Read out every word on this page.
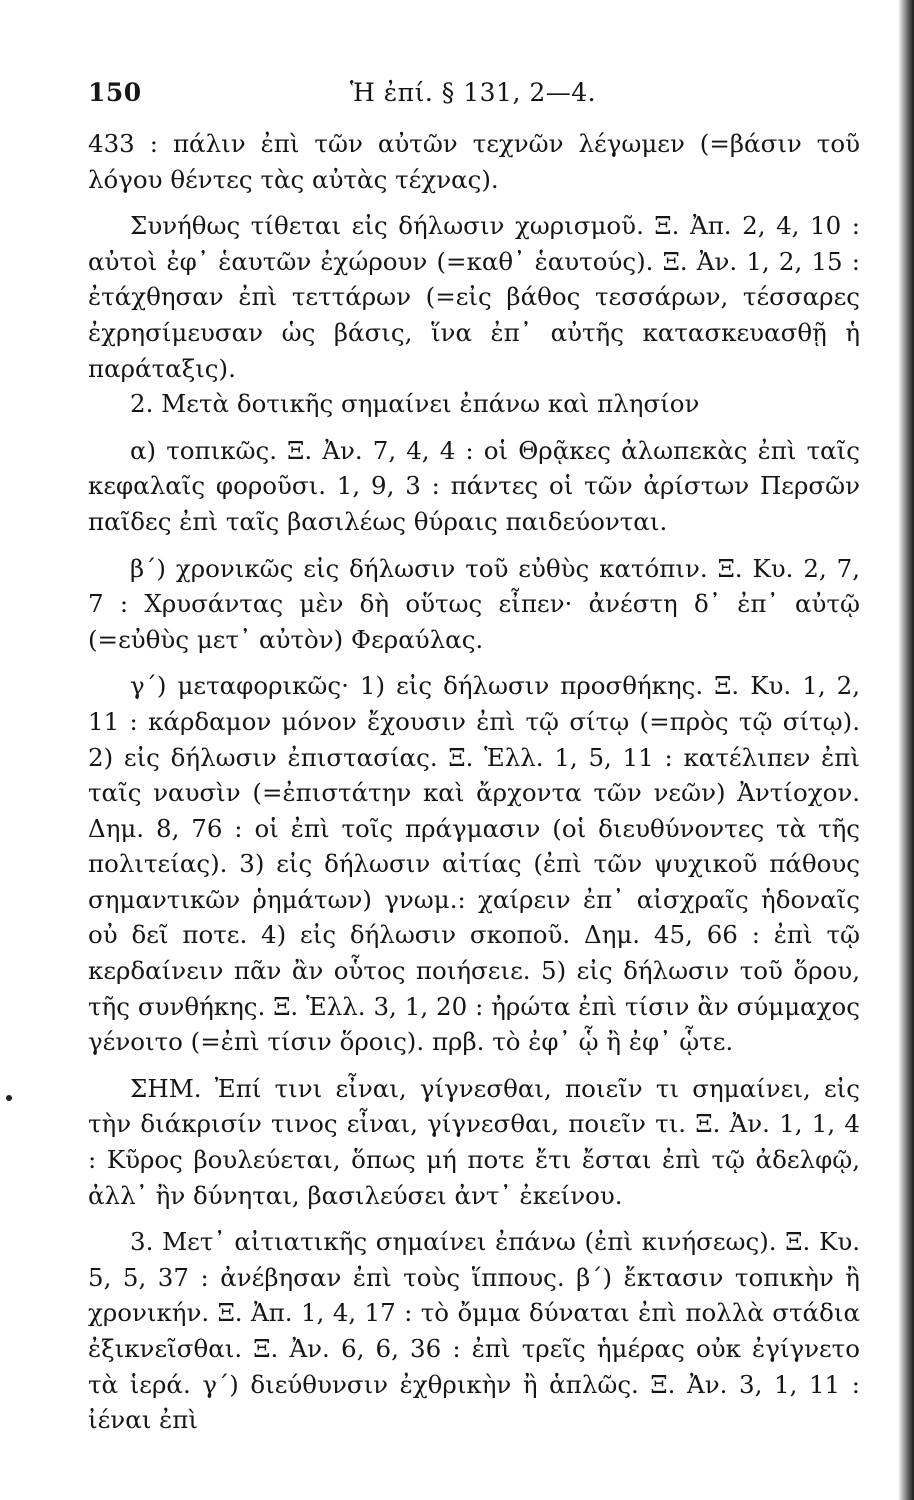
150	Ἡ ἐπί. § 131, 2—4.

433 : πάλιν ἐπὶ τῶν αὐτῶν τεχνῶν λέγωμεν (=βάσιν τοῦ λόγου θέντες τὰς αὐτὰς τέχνας).

Συνήθως τίθεται εἰς δήλωσιν χωρισμοῦ. Ξ. Ἀπ. 2, 4, 10 : αὐτοὶ ἐφ᾽ ἑαυτῶν ἐχώρουν (=καθ᾽ ἑαυτούς). Ξ. Ἀν. 1, 2, 15 : ἐτάχθησαν ἐπὶ τεττάρων (=εἰς βάθος τεσσάρων, τέσσαρες ἐχρησίμευσαν ὡς βάσις, ἵνα ἐπ᾽ αὐτῆς κατασκευασθῇ ἡ παράταξις).

2. Μετὰ δοτικῆς σημαίνει ἐπάνω καὶ πλησίον

α) τοπικῶς. Ξ. Ἀν. 7, 4, 4 : οἱ Θρᾷκες ἀλωπεκὰς ἐπὶ ταῖς κεφαλαῖς φοροῦσι. 1, 9, 3 : πάντες οἱ τῶν ἀρίστων Περσῶν παῖδες ἐπὶ ταῖς βασιλέως θύραις παιδεύονται.

β΄) χρονικῶς εἰς δήλωσιν τοῦ εὐθὺς κατόπιν. Ξ. Κυ. 2, 7, 7 : Χρυσάντας μὲν δὴ οὕτως εἶπεν· ἀνέστη δ᾽ ἐπ᾽ αὐτῷ (=εὐθὺς μετ᾽ αὐτὸν) Φεραύλας.

γ΄) μεταφορικῶς· 1) εἰς δήλωσιν προσθήκης. Ξ. Κυ. 1, 2, 11 : κάρδαμον μόνον ἔχουσιν ἐπὶ τῷ σίτῳ (=πρὸς τῷ σίτῳ). 2) εἰς δήλωσιν ἐπιστασίας. Ξ. Ἑλλ. 1, 5, 11 : κατέλιπεν ἐπὶ ταῖς ναυσὶν (=ἐπιστάτην καὶ ἄρχοντα τῶν νεῶν) Ἀντίοχον. Δημ. 8, 76 : οἱ ἐπὶ τοῖς πράγμασιν (οἱ διευθύνοντες τὰ τῆς πολιτείας). 3) εἰς δήλωσιν αἰτίας (ἐπὶ τῶν ψυχικοῦ πάθους σημαντικῶν ῥημάτων) γνωμ.: χαίρειν ἐπ᾽ αἰσχραῖς ἡδοναῖς οὐ δεῖ ποτε. 4) εἰς δήλωσιν σκοποῦ. Δημ. 45, 66 : ἐπὶ τῷ κερδαίνειν πᾶν ἂν οὗτος ποιήσειε. 5) εἰς δήλωσιν τοῦ ὅρου, τῆς συνθήκης. Ξ. Ἑλλ. 3, 1, 20 : ἠρώτα ἐπὶ τίσιν ἂν σύμμαχος γένοιτο (=ἐπὶ τίσιν ὅροις). πρβ. τὸ ἐφ᾽ ᾧ ἢ ἐφ᾽ ᾧτε.

ΣΗΜ. Ἐπί τινι εἶναι, γίγνεσθαι, ποιεῖν τι σημαίνει, εἰς τὴν διάκρισίν τινος εἶναι, γίγνεσθαι, ποιεῖν τι. Ξ. Ἀν. 1, 1, 4 : Κῦρος βουλεύεται, ὅπως μή ποτε ἔτι ἔσται ἐπὶ τῷ ἀδελφῷ, ἀλλ᾽ ἢν δύνηται, βασιλεύσει ἀντ᾽ ἐκείνου.

3. Μετ᾽ αἰτιατικῆς σημαίνει ἐπάνω (ἐπὶ κινήσεως). Ξ. Κυ. 5, 5, 37 : ἀνέβησαν ἐπὶ τοὺς ἵππους. β΄) ἔκτασιν τοπικὴν ἢ χρονικήν. Ξ. Ἀπ. 1, 4, 17 : τὸ ὄμμα δύναται ἐπὶ πολλὰ στάδια ἐξικνεῖσθαι. Ξ. Ἀν. 6, 6, 36 : ἐπὶ τρεῖς ἡμέρας οὐκ ἐγίγνετο τὰ ἱερά. γ΄) διεύθυνσιν ἐχθρικὴν ἢ ἁπλῶς. Ξ. Ἀν. 3, 1, 11 : ἰέναι ἐπὶ
